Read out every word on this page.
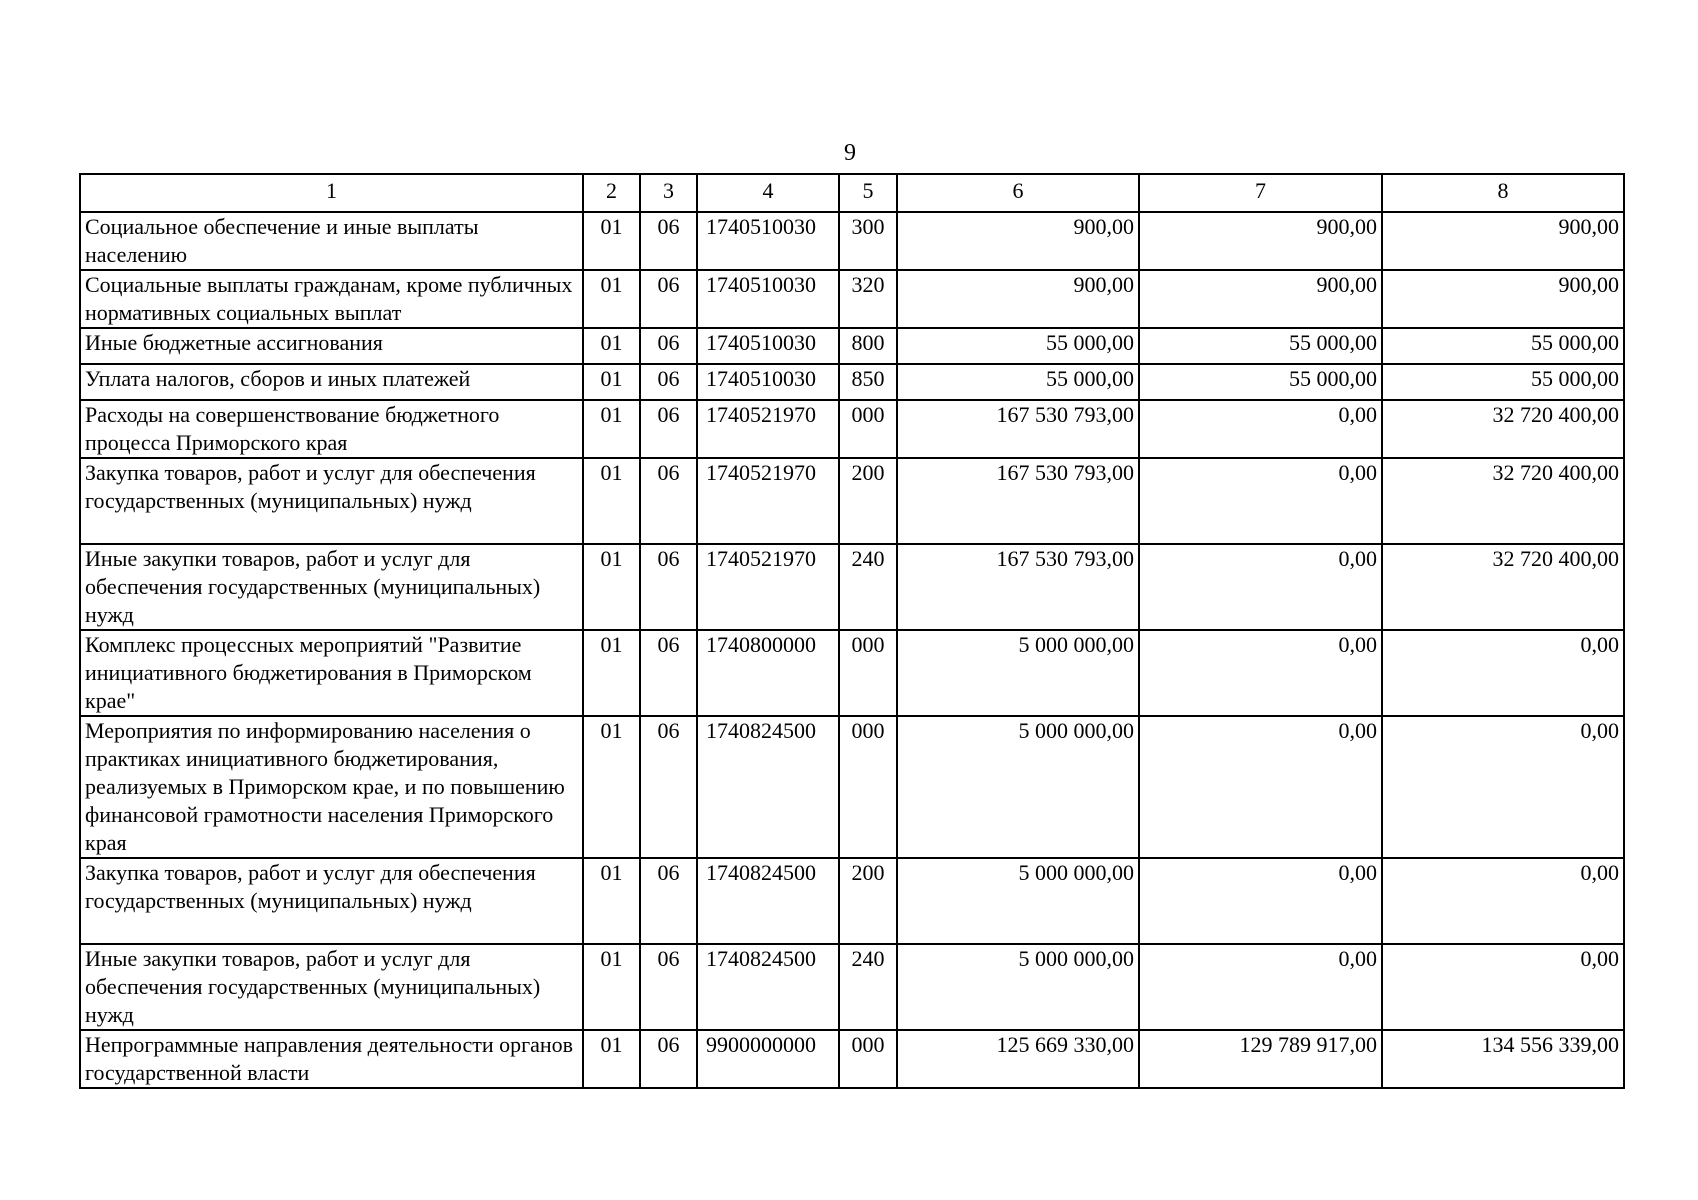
9
1	2	3	4	5	6	7	8
Социальное обеспечение и иные выплаты населению	01	06	1740510030	300	900,00	900,00	900,00
Социальные выплаты гражданам, кроме публичных нормативных социальных выплат	01	06	1740510030	320	900,00	900,00	900,00
Иные бюджетные ассигнования	01	06	1740510030	800	55 000,00	55 000,00	55 000,00
Уплата налогов, сборов и иных платежей	01	06	1740510030	850	55 000,00	55 000,00	55 000,00
Расходы на совершенствование бюджетного процесса Приморского края	01	06	1740521970	000	167 530 793,00	0,00	32 720 400,00
Закупка товаров, работ и услуг для обеспечения государственных (муниципальных) нужд	01	06	1740521970	200	167 530 793,00	0,00	32 720 400,00
Иные закупки товаров, работ и услуг для обеспечения государственных (муниципальных) нужд	01	06	1740521970	240	167 530 793,00	0,00	32 720 400,00
Комплекс процессных мероприятий "Развитие инициативного бюджетирования в Приморском крае"	01	06	1740800000	000	5 000 000,00	0,00	0,00
Мероприятия по информированию населения о практиках инициативного бюджетирования, реализуемых в Приморском крае, и по повышению финансовой грамотности населения Приморского края	01	06	1740824500	000	5 000 000,00	0,00	0,00
Закупка товаров, работ и услуг для обеспечения государственных (муниципальных) нужд	01	06	1740824500	200	5 000 000,00	0,00	0,00
Иные закупки товаров, работ и услуг для обеспечения государственных (муниципальных) нужд	01	06	1740824500	240	5 000 000,00	0,00	0,00
Непрограммные направления деятельности органов государственной власти	01	06	9900000000	000	125 669 330,00	129 789 917,00	134 556 339,00
